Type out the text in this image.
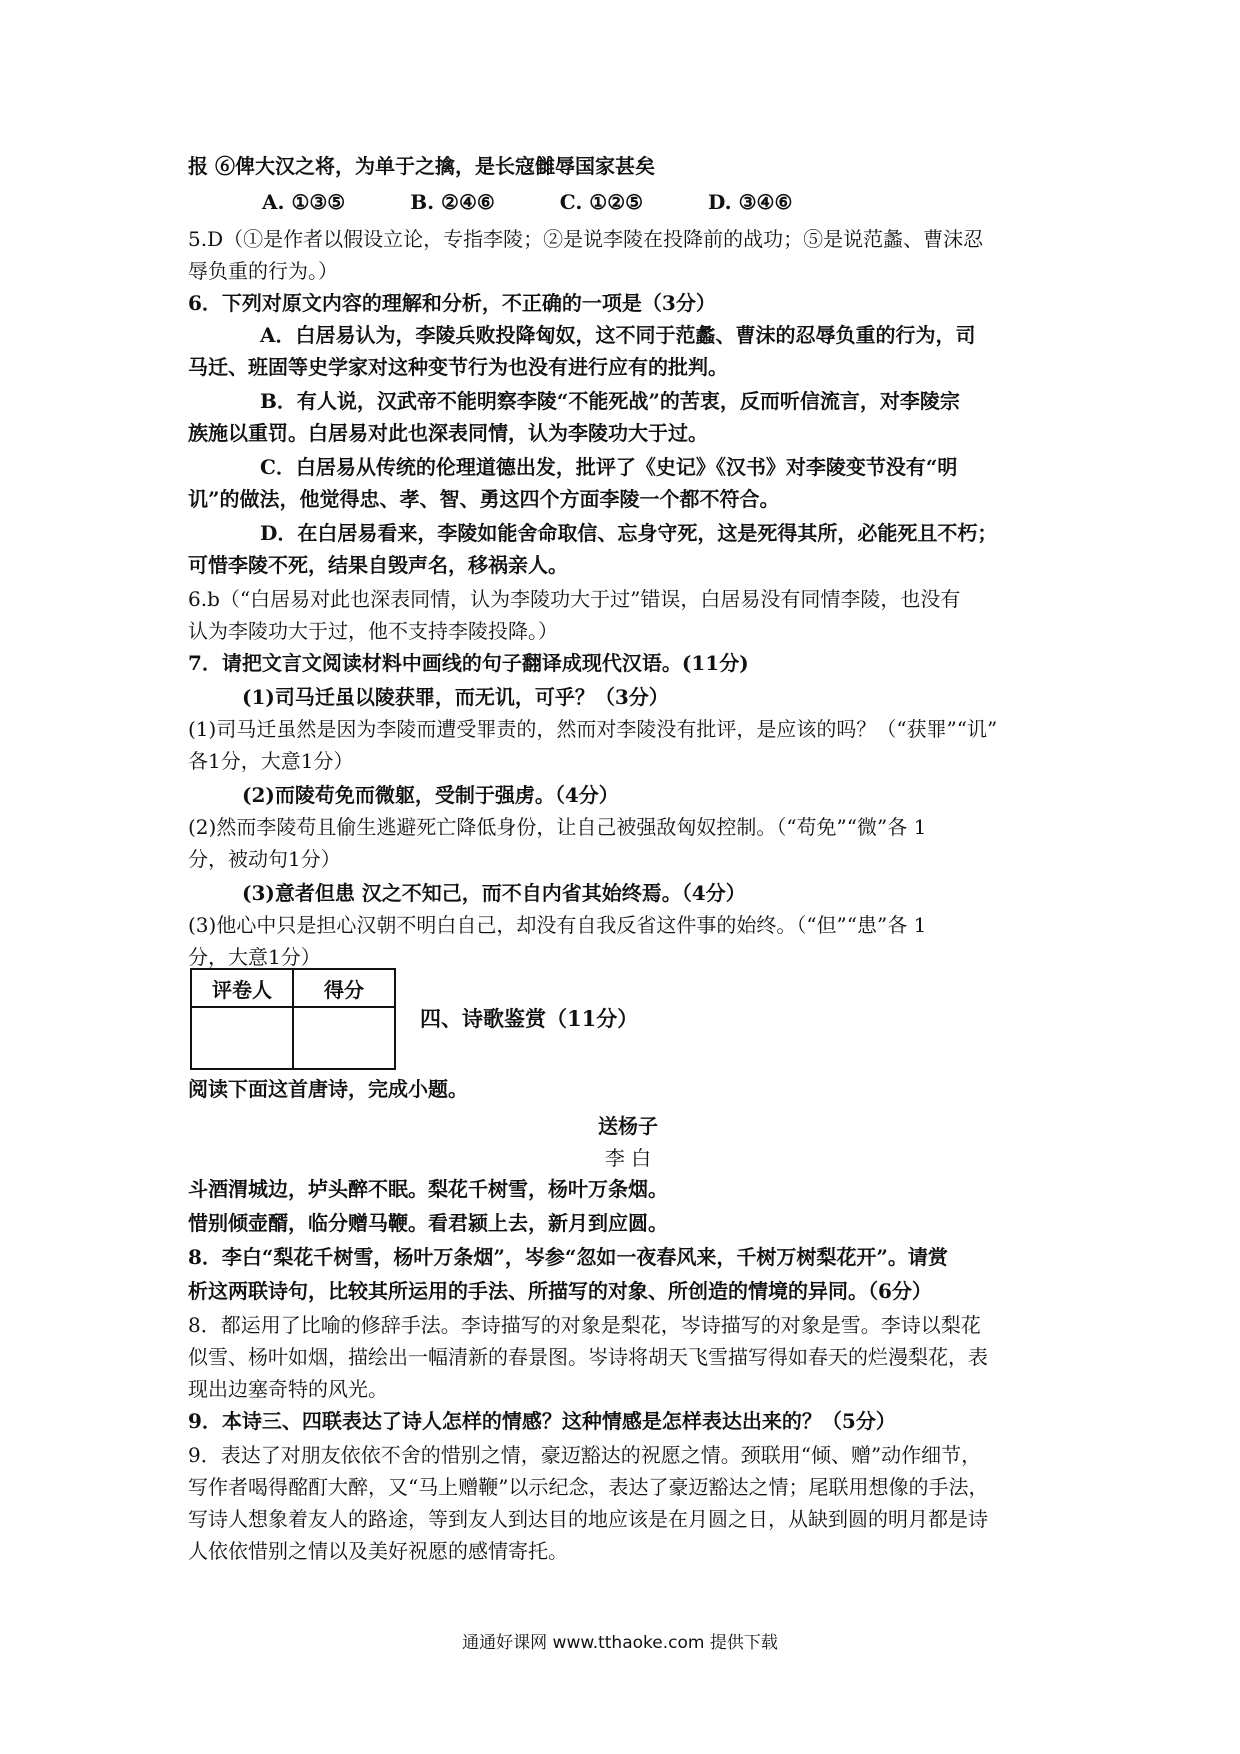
报 ⑥俾大汉之将，为单于之擒，是长寇雠辱国家甚矣
A. ①③⑤	B. ②④⑥	C. ①②⑤	D. ③④⑥
5.D（①是作者以假设立论，专指李陵；②是说李陵在投降前的战功；⑤是说范蠡、曹沫忍
辱负重的行为。）
6．下列对原文内容的理解和分析，不正确的一项是（3分）
A．白居易认为，李陵兵败投降匈奴，这不同于范蠡、曹沫的忍辱负重的行为，司
马迁、班固等史学家对这种变节行为也没有进行应有的批判。
B．有人说，汉武帝不能明察李陵“不能死战”的苦衷，反而听信流言，对李陵宗
族施以重罚。白居易对此也深表同情，认为李陵功大于过。
C．白居易从传统的伦理道德出发，批评了《史记》《汉书》对李陵变节没有“明
讥”的做法，他觉得忠、孝、智、勇这四个方面李陵一个都不符合。
D．在白居易看来，李陵如能舍命取信、忘身守死，这是死得其所，必能死且不朽；
可惜李陵不死，结果自毁声名，移祸亲人。
6.b（“白居易对此也深表同情，认为李陵功大于过”错误，白居易没有同情李陵，也没有
认为李陵功大于过，他不支持李陵投降。）
7．请把文言文阅读材料中画线的句子翻译成现代汉语。(11分)
(1)司马迁虽以陵获罪，而无讥，可乎？（3分）
(1)司马迁虽然是因为李陵而遭受罪责的，然而对李陵没有批评，是应该的吗？（“获罪”“讥”
各1分，大意1分）
(2)而陵苟免而微躯，受制于强虏。（4分）
(2)然而李陵苟且偷生逃避死亡降低身份，让自己被强敌匈奴控制。（“苟免”“微”各 1
分，被动句1分）
(3)意者但患 汉之不知己，而不自内省其始终焉。（4分）
(3)他心中只是担心汉朝不明白自己，却没有自我反省这件事的始终。（“但”“患”各 1
分，大意1分）
评卷人	得分

四、诗歌鉴赏（11分）
阅读下面这首唐诗，完成小题。
送杨子
李 白
斗酒渭城边，垆头醉不眠。梨花千树雪，杨叶万条烟。
惜别倾壶醑，临分赠马鞭。看君颍上去，新月到应圆。
8．李白“梨花千树雪，杨叶万条烟”，岑参“忽如一夜春风来，千树万树梨花开”。请赏
析这两联诗句，比较其所运用的手法、所描写的对象、所创造的情境的异同。（6分）
8．都运用了比喻的修辞手法。李诗描写的对象是梨花，岑诗描写的对象是雪。李诗以梨花
似雪、杨叶如烟，描绘出一幅清新的春景图。岑诗将胡天飞雪描写得如春天的烂漫梨花，表
现出边塞奇特的风光。
9．本诗三、四联表达了诗人怎样的情感？这种情感是怎样表达出来的？（5分）
9．表达了对朋友依依不舍的惜别之情，豪迈豁达的祝愿之情。颈联用“倾、赠”动作细节，
写作者喝得酩酊大醉，又“马上赠鞭”以示纪念，表达了豪迈豁达之情；尾联用想像的手法，
写诗人想象着友人的路途，等到友人到达目的地应该是在月圆之日，从缺到圆的明月都是诗
人依依惜别之情以及美好祝愿的感情寄托。
通通好课网 www.tthaoke.com 提供下载
